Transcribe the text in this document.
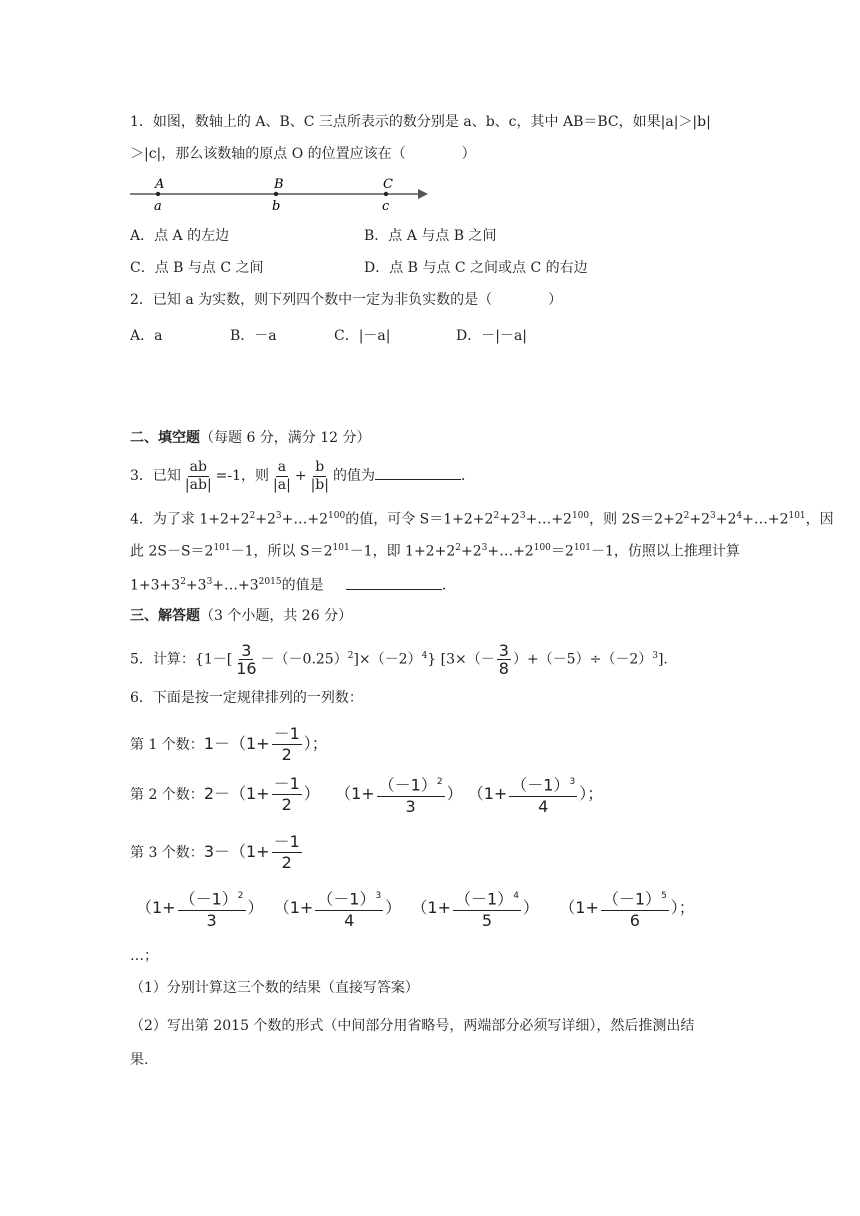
1．如图，数轴上的 A、B、C 三点所表示的数分别是 a、b、c，其中 AB＝BC，如果|a|＞|b|
＞|c|，那么该数轴的原点 O 的位置应该在（　　　　）
A
a
B
b
C
c
A．点 A 的左边	B．点 A 与点 B 之间
C．点 B 与点 C 之间	D．点 B 与点 C 之间或点 C 的右边
2．已知 a 为实数，则下列四个数中一定为非负实数的是（　　　　）
A．a	B．－a	C．|－a|	D．－|－a|
二、填空题（每题 6 分，满分 12 分）
3．已知 $\frac{ab}{|ab|} =-1$，则 $\frac{a}{|a|} + \frac{b}{|b|}$ 的值为	．
4．为了求 $1+2+2^2+2^3+\dots+2^{100}$的值，可令 $S=1+2+2^2+2^3+\dots+2^{100}$，则 $2S=2+2^2+2^3+2^4+\dots+2^{101}$，因
此 $2S-S=2^{101}-1$，所以 $S=2^{101}-1$，即 $1+2+2^2+2^3+\dots+2^{100}=2^{101}-1$，仿照以上推理计算
$1+3+3^2+3^3+\dots+3^{2015}$的值是	．
三、解答题（3 个小题，共 26 分）
5．计算：$\{1-[ \frac{3}{16} -(-0.25)^2]\times(-2)^4\}$ $[3\times(- \frac{3}{8} )+(-5)\div(-2)^3]$．
6．下面是按一定规律排列的一列数：
第 1 个数：$1-(1+ \frac{-1}{2}$ ）；
第 2 个数：$2-(1+ \frac{-1}{2}$ ） （$1+ \frac{(-1)^2}{3}$ ） （$1+ \frac{(-1)^3}{4}$ ）；
第 3 个数：$3-(1+ \frac{-1}{2}$
（$1+ \frac{(-1)^2}{3}$ ） （$1+ \frac{(-1)^3}{4}$ ） （$1+ \frac{(-1)^4}{5}$ ） （$1+ \frac{(-1)^5}{6}$ ）；
…；
（1）分别计算这三个数的结果（直接写答案）
（2）写出第 2015 个数的形式（中间部分用省略号，两端部分必须写详细），然后推测出结
果.
